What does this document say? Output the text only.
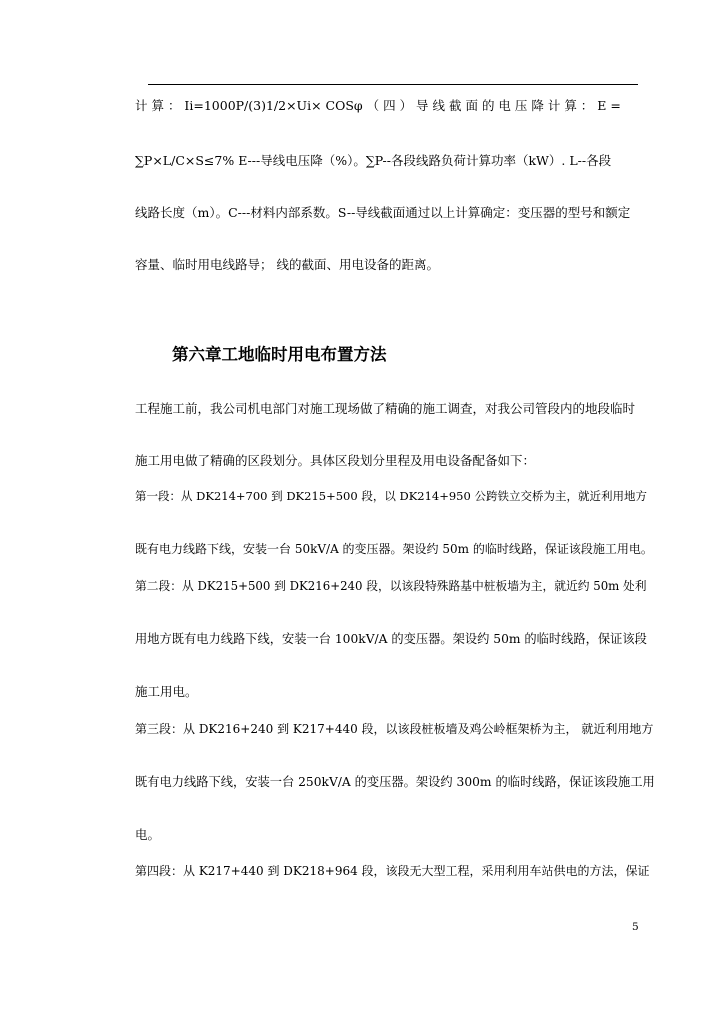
计 算 ： Ii=1000P/(3)1/2×Ui× COSφ （ 四 ） 导 线 截 面 的 电 压 降 计 算 ： E =
∑P×L/C×S≤7% E---导线电压降（%）。∑P--各段线路负荷计算功率（kW）. L--各段
线路长度（m）。C---材料内部系数。S--导线截面通过以上计算确定：变压器的型号和额定
容量、临时用电线路导； 线的截面、用电设备的距离。
第六章工地临时用电布置方法
工程施工前，我公司机电部门对施工现场做了精确的施工调查，对我公司管段内的地段临时
施工用电做了精确的区段划分。具体区段划分里程及用电设备配备如下：
第一段：从 DK214+700 到 DK215+500 段，以 DK214+950 公跨铁立交桥为主，就近利用地方
既有电力线路下线，安装一台 50kV/A 的变压器。架设约 50m 的临时线路，保证该段施工用电。
第二段：从 DK215+500 到 DK216+240 段，以该段特殊路基中桩板墙为主，就近约 50m 处利
用地方既有电力线路下线，安装一台 100kV/A 的变压器。架设约 50m 的临时线路，保证该段
施工用电。
第三段：从 DK216+240 到 K217+440 段，以该段桩板墙及鸡公岭框架桥为主， 就近利用地方
既有电力线路下线，安装一台 250kV/A 的变压器。架设约 300m 的临时线路，保证该段施工用
电。
第四段：从 K217+440 到 DK218+964 段，该段无大型工程，采用利用车站供电的方法，保证
5
